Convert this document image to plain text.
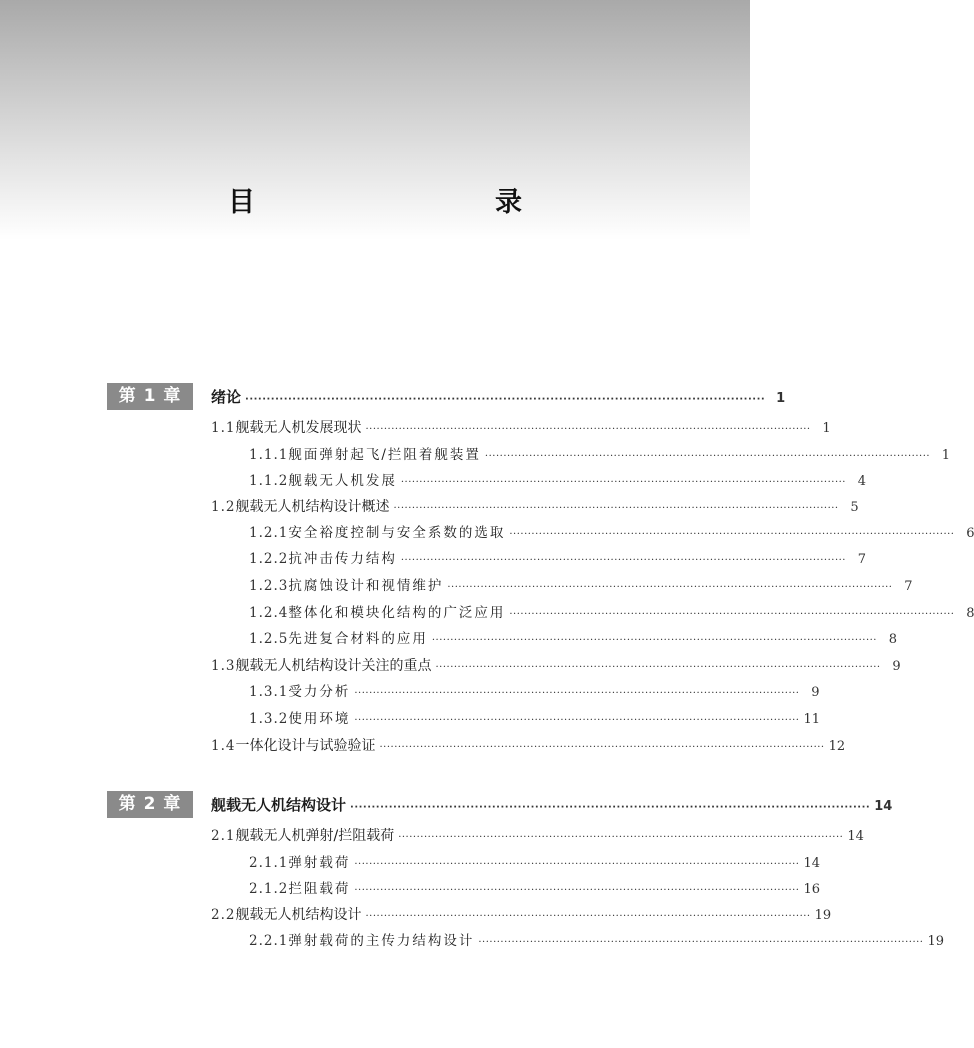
目　　录
第 1 章	绪论 ························································································································· 1
1.1 舰载无人机发展现状 ························································································································· 1
1.1.1 舰面弹射起飞/拦阻着舰装置 ························································································································· 1
1.1.2 舰载无人机发展 ························································································································· 4
1.2 舰载无人机结构设计概述 ························································································································· 5
1.2.1 安全裕度控制与安全系数的选取 ························································································································· 6
1.2.2 抗冲击传力结构 ························································································································· 7
1.2.3 抗腐蚀设计和视情维护 ························································································································· 7
1.2.4 整体化和模块化结构的广泛应用 ························································································································· 8
1.2.5 先进复合材料的应用 ························································································································· 8
1.3 舰载无人机结构设计关注的重点 ························································································································· 9
1.3.1 受力分析 ························································································································· 9
1.3.2 使用环境 ························································································································· 11
1.4 一体化设计与试验验证 ························································································································· 12
第 2 章	舰载无人机结构设计 ························································································································· 14
2.1 舰载无人机弹射/拦阻载荷 ························································································································· 14
2.1.1 弹射载荷 ························································································································· 14
2.1.2 拦阻载荷 ························································································································· 16
2.2 舰载无人机结构设计 ························································································································· 19
2.2.1 弹射载荷的主传力结构设计 ························································································································· 19
